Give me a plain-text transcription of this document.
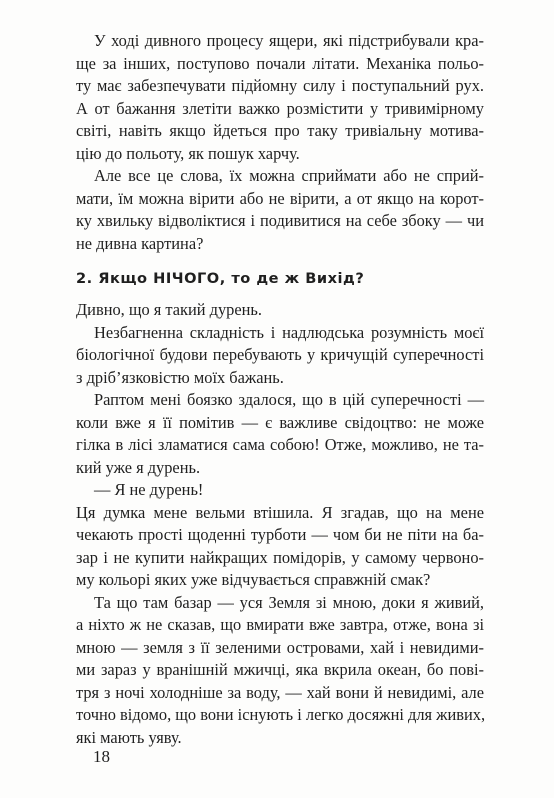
У ході дивного процесу ящери, які підстрибували кра-
ще за інших, поступово почали літати. Механіка польо-
ту має забезпечувати підйомну силу і поступальний рух.
А от бажання злетіти важко розмістити у тривимірному
світі, навіть якщо йдеться про таку тривіальну мотива-
цію до польоту, як пошук харчу.
Але все це слова, їх можна сприймати або не сприй-
мати, їм можна вірити або не вірити, а от якщо на корот-
ку хвильку відволіктися і подивитися на себе збоку — чи
не дивна картина?
2. Якщо НІЧОГО, то де ж Вихід?
Дивно, що я такий дурень.
Незбагненна складність і надлюдська розумність моєї
біологічної будови перебувають у кричущій суперечності
з дріб’язковістю моїх бажань.
Раптом мені боязко здалося, що в цій суперечності —
коли вже я її помітив — є важливе свідоцтво: не може
гілка в лісі зламатися сама собою! Отже, можливо, не та-
кий уже я дурень.
— Я не дурень!
Ця думка мене вельми втішила. Я згадав, що на мене
чекають прості щоденні турботи — чом би не піти на ба-
зар і не купити найкращих помідорів, у самому червоно-
му кольорі яких уже відчувається справжній смак?
Та що там базар — уся Земля зі мною, доки я живий,
а ніхто ж не сказав, що вмирати вже завтра, отже, вона зі
мною — земля з її зеленими островами, хай і невидими-
ми зараз у вранішній мжичці, яка вкрила океан, бо пові-
тря з ночі холодніше за воду, — хай вони й невидимі, але
точно відомо, що вони існують і легко досяжні для живих,
які мають уяву.
18
